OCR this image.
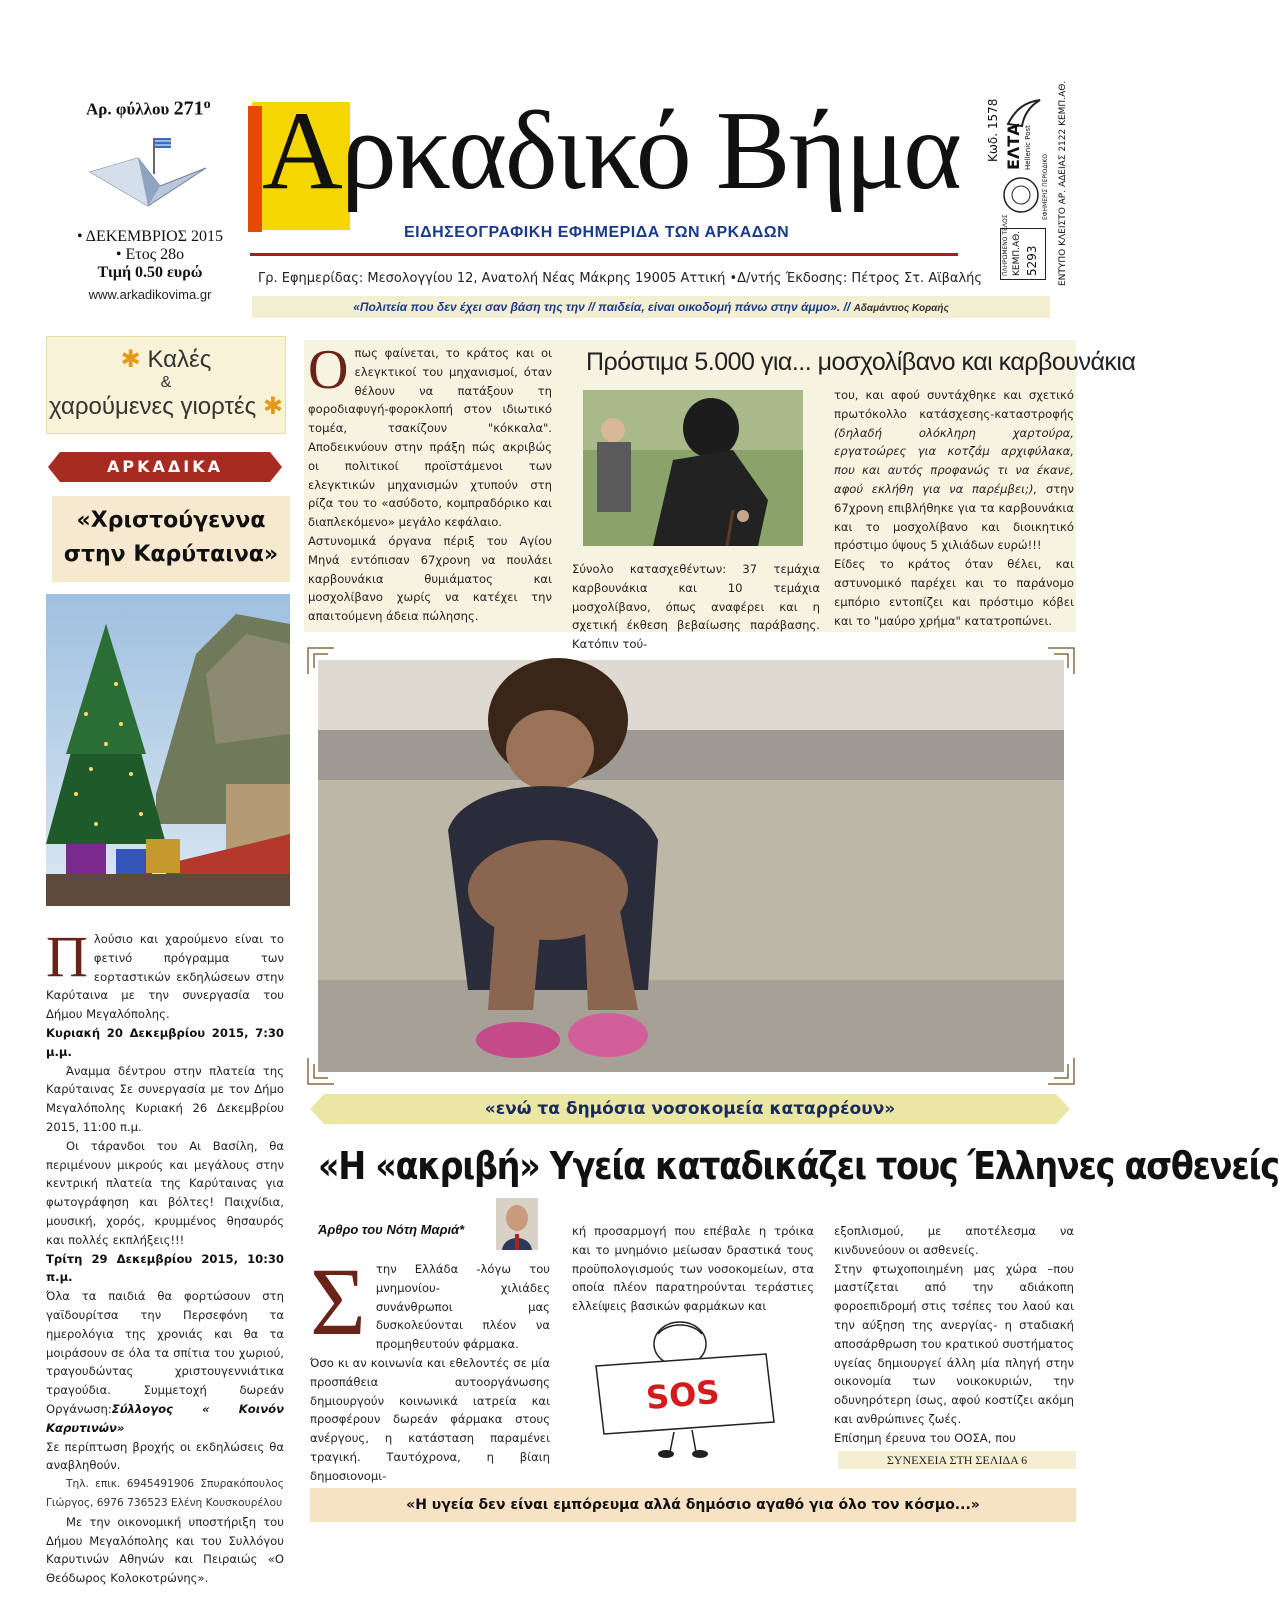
Αρ. φύλλου $271^o$
• ΔΕΚΕΜΒΡΙΟΣ 2015
• Ετος 28ο
Τιμή 0.50 ευρώ
www.arkadikovima.gr
Αρκαδικό Βήμα
ΕΙΔΗΣΕΟΓΡΑΦΙΚΗ ΕΦΗΜΕΡΙΔΑ ΤΩΝ ΑΡΚΑΔΩΝ
Γρ. Εφημερίδας: Μεσολογγίου 12, Ανατολή Νέας Μάκρης 19005 Αττική •Δ/ντής Έκδοσης: Πέτρος Στ. Αϊβαλής
«Πολιτεία που δεν έχει σαν βάση της την // παιδεία, είναι οικοδομή πάνω στην άμμο». // Αδαμάντιος Κοραής
Κωδ. 1578 ΕΛΤΑ Hellenic Post
ΕΦΗΜΕΡΙΣ ΠΕΡΙΟΔΙΚΟ
ΠΛΗΡΩΜΕΝΟ ΤΕΛΟΣ ΚΕΜΠ.ΑΘ. 5293 ΕΝΤΥΠΟ ΚΛΕΙΣΤΟ ΑΡ. ΑΔΕΙΑΣ 2122 ΚΕΜΠ.ΑΘ.
✱ Καλές
&
χαρούμενες γιορτές ✱
ΑΡΚΑΔΙΚΑ
«Χριστούγεννα
στην Καρύταινα»
Π λούσιο και χαρούμενο είναι το φετινό πρόγραμμα των εορταστικών εκδηλώσεων στην Καρύταινα με την συνεργασία του Δήμου Μεγαλόπολης.

Κυριακή 20 Δεκεμβρίου 2015, 7:30 μ.μ.

Άναμμα δέντρου στην πλατεία της Καρύταινας Σε συνεργασία με τον Δήμο Μεγαλόπολης Κυριακή 26 Δεκεμβρίου 2015, 11:00 π.μ.

Οι τάρανδοι του Αι Βασίλη, θα περιμένουν μικρούς και μεγάλους στην κεντρική πλατεία της Καρύταινας για φωτογράφηση και βόλτες! Παιχνίδια, μουσική, χορός, κρυμμένος θησαυρός και πολλές εκπλήξεις!!!

Τρίτη 29 Δεκεμβρίου 2015, 10:30 π.μ.

Όλα τα παιδιά θα φορτώσουν στη γαϊδουρίτσα την Περσεφόνη τα ημερολόγια της χρονιάς και θα τα μοιράσουν σε όλα τα σπίτια του χωριού, τραγουδώντας χριστουγεννιάτικα τραγούδια. Συμμετοχή δωρεάν Οργάνωση:Σύλλογος « Κοινόν Καρυτινών»

Σε περίπτωση βροχής οι εκδηλώσεις θα αναβληθούν.

Τηλ. επικ. 6945491906 Σπυρακόπουλος Γιώργος, 6976 736523 Ελένη Κουσκουρέλου

Με την οικονομική υποστήριξη του Δήμου Μεγαλόπολης και του Συλλόγου Καρυτινών Αθηνών και Πειραιώς «Ο Θεόδωρος Κολοκοτρώνης».

Ο πως φαίνεται, το κράτος και οι ελεγκτικοί του μηχανισμοί, όταν θέλουν να πατάξουν τη φοροδιαφυγή-φοροκλοπή στον ιδιωτικό τομέα, τσακίζουν "κόκκαλα". Αποδεικνύουν στην πράξη πώς ακριβώς οι πολιτικοί προϊστάμενοι των ελεγκτικών μηχανισμών χτυπούν στη ρίζα του το «ασύδοτο, κομπραδόρικο και διαπλεκόμενο» μεγάλο κεφάλαιο.

Αστυνομικά όργανα πέριξ του Αγίου Μηνά εντόπισαν 67χρονη να πουλάει καρβουνάκια θυμιάματος και μοσχολίβανο χωρίς να κατέχει την απαιτούμενη άδεια πώλησης.

Πρόστιμα 5.000 για... μοσχολίβανο και καρβουνάκια

Σύνολο κατασχεθέντων: 37 τεμάχια καρβουνάκια και 10 τεμάχια μοσχολίβανο, όπως αναφέρει και η σχετική έκθεση βεβαίωσης παράβασης. Κατόπιν τού-

του, και αφού συντάχθηκε και σχετικό πρωτόκολλο κατάσχεσης-καταστροφής (δηλαδή ολόκληρη χαρτούρα, εργατοώρες για κοτζάμ αρχιφύλακα, που και αυτός προφανώς τι να έκανε, αφού εκλήθη για να παρέμβει;), στην 67χρονη επιβλήθηκε για τα καρβουνάκια και το μοσχολίβανο και διοικητικό πρόστιμο ύψους 5 χιλιάδων ευρώ!!!

Είδες το κράτος όταν θέλει, και αστυνομικό παρέχει και το παράνομο εμπόριο εντοπίζει και πρόστιμο κόβει και το "μαύρο χρήμα" κατατροπώνει.

«ενώ τα δημόσια νοσοκομεία καταρρέουν»
«Η «ακριβή» Υγεία καταδικάζει τους Έλληνες ασθενείς
Άρθρο του Νότη Μαριά*
Σ την Ελλάδα -λόγω του μνημονίου- χιλιάδες συνάνθρωποι μας δυσκολεύονται πλέον να προμηθευτούν φάρμακα.

Όσο κι αν κοινωνία και εθελοντές σε μία προσπάθεια αυτοοργάνωσης δημιουργούν κοινωνικά ιατρεία και προσφέρουν δωρεάν φάρμακα στους ανέργους, η κατάσταση παραμένει τραγική. Ταυτόχρονα, η βίαιη δημοσιονομι-

κή προσαρμογή που επέβαλε η τρόικα και το μνημόνιο μείωσαν δραστικά τους προϋπολογισμούς των νοσοκομείων, στα οποία πλέον παρατηρούνται τεράστιες ελλείψεις βασικών φαρμάκων και

SOS

εξοπλισμού, με αποτέλεσμα να κινδυνεύουν οι ασθενείς.

Στην φτωχοποιημένη μας χώρα –που μαστίζεται από την αδιάκοπη φοροεπιδρομή στις τσέπες του λαού και την αύξηση της ανεργίας- η σταδιακή αποσάρθρωση του κρατικού συστήματος υγείας δημιουργεί άλλη μία πληγή στην οικονομία των νοικοκυριών, την οδυνηρότερη ίσως, αφού κοστίζει ακόμη και ανθρώπινες ζωές.

Επίσημη έρευνα του ΟΟΣΑ, που

ΣΥΝΕΧΕΙΑ ΣΤΗ ΣΕΛΙΔΑ 6
«Η υγεία δεν είναι εμπόρευμα αλλά δημόσιο αγαθό για όλο τον κόσμο...»
